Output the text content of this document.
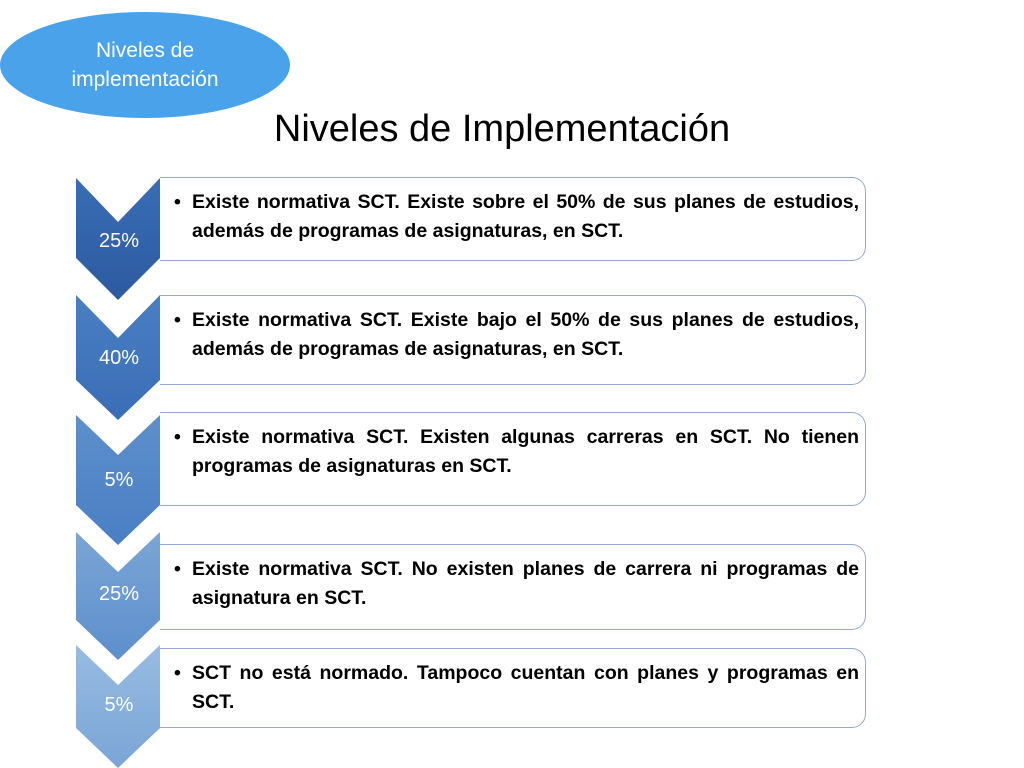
Niveles de
implementación
Niveles de Implementación
25%
40%
5%
25%
5%
• Existe normativa SCT. Existe sobre el 50% de sus planes de estudios, además de programas de asignaturas, en SCT.
• Existe normativa SCT. Existe bajo el 50% de sus planes de estudios, además de programas de asignaturas, en SCT.
• Existe normativa SCT. Existen algunas carreras en SCT. No tienen programas de asignaturas en SCT.
• Existe normativa SCT. No existen planes de carrera ni programas de asignatura en SCT.
• SCT no está normado. Tampoco cuentan con planes y programas en SCT.
